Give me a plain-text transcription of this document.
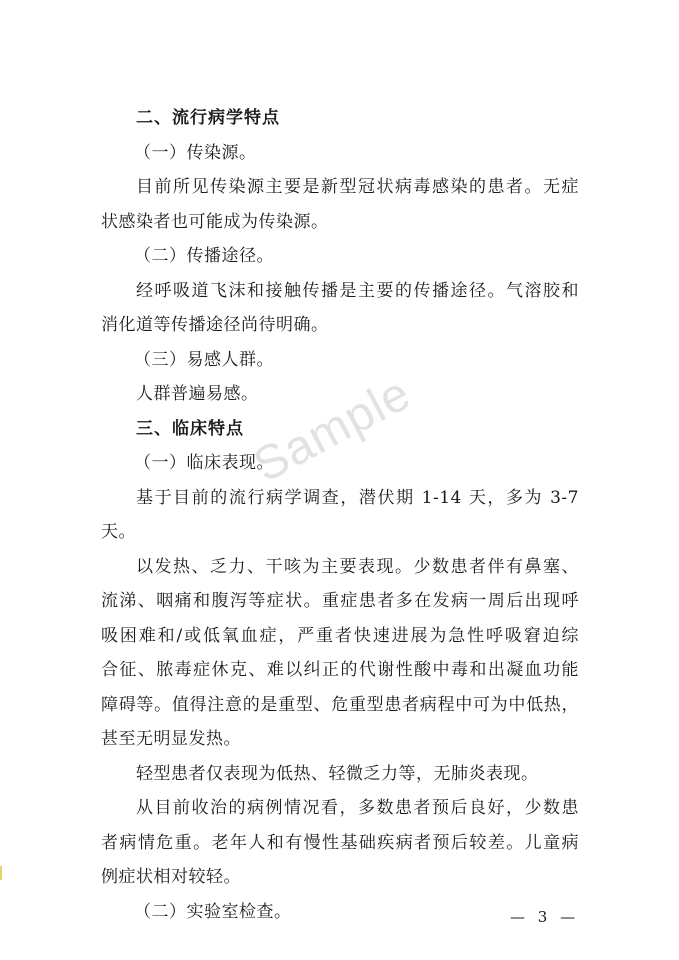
二、流行病学特点
（一）传染源。
目前所见传染源主要是新型冠状病毒感染的患者。无症
状感染者也可能成为传染源。
（二）传播途径。
经呼吸道飞沫和接触传播是主要的传播途径。气溶胶和
消化道等传播途径尚待明确。
（三）易感人群。
人群普遍易感。
三、临床特点
（一）临床表现。
基于目前的流行病学调查，潜伏期 1-14 天，多为 3-7
天。
以发热、乏力、干咳为主要表现。少数患者伴有鼻塞、
流涕、咽痛和腹泻等症状。重症患者多在发病一周后出现呼
吸困难和/或低氧血症，严重者快速进展为急性呼吸窘迫综
合征、脓毒症休克、难以纠正的代谢性酸中毒和出凝血功能
障碍等。值得注意的是重型、危重型患者病程中可为中低热，
甚至无明显发热。
轻型患者仅表现为低热、轻微乏力等，无肺炎表现。
从目前收治的病例情况看，多数患者预后良好，少数患
者病情危重。老年人和有慢性基础疾病者预后较差。儿童病
例症状相对较轻。
（二）实验室检查。
Sample
— 3 —
